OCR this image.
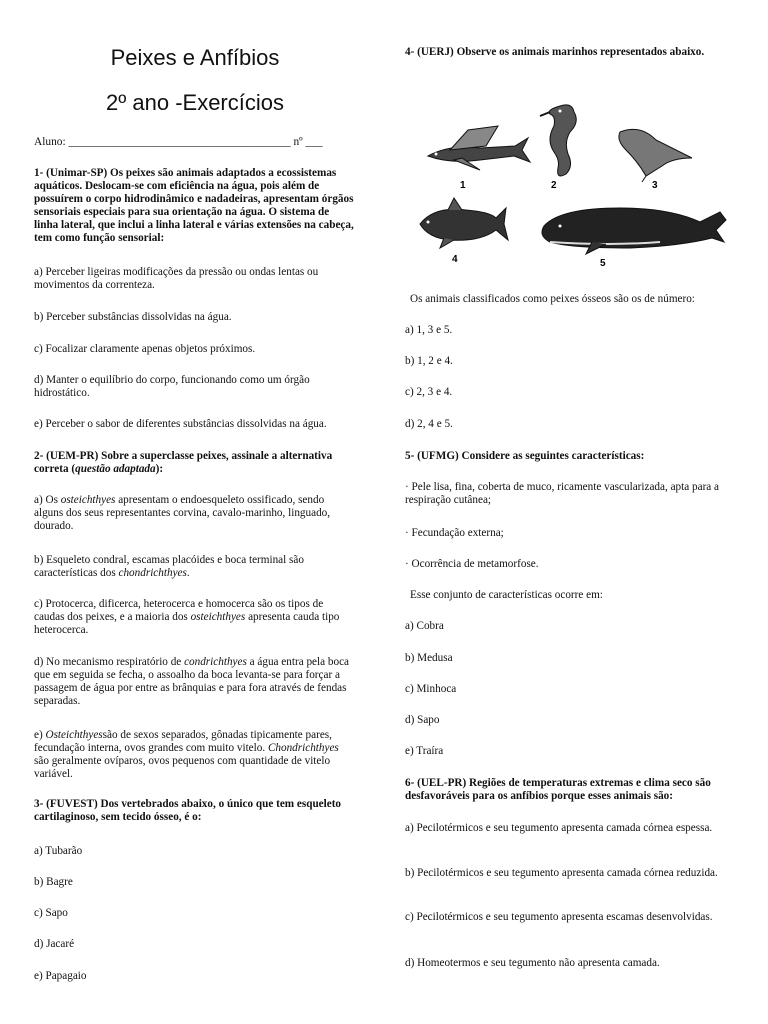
Peixes e Anfíbios
2º ano -Exercícios
Aluno: _______________________________________ nº ___

1- (Unimar-SP) Os peixes são animais adaptados a ecossistemas aquáticos. Deslocam-se com eficiência na água, pois além de possuírem o corpo hidrodinâmico e nadadeiras, apresentam órgãos sensoriais especiais para sua orientação na água. O sistema de linha lateral, que inclui a linha lateral e várias extensões na cabeça, tem como função sensorial:

a) Perceber ligeiras modificações da pressão ou ondas lentas ou movimentos da correnteza.

b) Perceber substâncias dissolvidas na água.

c) Focalizar claramente apenas objetos próximos.

d) Manter o equilíbrio do corpo, funcionando como um órgão hidrostático.

e) Perceber o sabor de diferentes substâncias dissolvidas na água.

2- (UEM-PR) Sobre a superclasse peixes, assinale a alternativa correta (questão adaptada):

a) Os osteichthyes apresentam o endoesqueleto ossificado, sendo alguns dos seus representantes corvina, cavalo-marinho, linguado, dourado.

b) Esqueleto condral, escamas placóides e boca terminal são características dos chondrichthyes.

c) Protocerca, dificerca, heterocerca e homocerca são os tipos de caudas dos peixes, e a maioria dos osteichthyes apresenta cauda tipo heterocerca.

d) No mecanismo respiratório de condrichthyes a água entra pela boca que em seguida se fecha, o assoalho da boca levanta-se para forçar a passagem de água por entre as brânquias e para fora através de fendas separadas.

e) Osteichthyessão de sexos separados, gônadas tipicamente pares, fecundação interna, ovos grandes com muito vitelo. Chondrichthyes são geralmente ovíparos, ovos pequenos com quantidade de vitelo variável.

3- (FUVEST) Dos vertebrados abaixo, o único que tem esqueleto cartilaginoso, sem tecido ósseo, é o:

a) Tubarão

b) Bagre

c) Sapo

d) Jacaré

e) Papagaio

4- (UERJ) Observe os animais marinhos representados abaixo.

1	2	3
4	5

Os animais classificados como peixes ósseos são os de número:

a) 1, 3 e 5.

b) 1, 2 e 4.

c) 2, 3 e 4.

d) 2, 4 e 5.

5- (UFMG) Considere as seguintes características:

· Pele lisa, fina, coberta de muco, ricamente vascularizada, apta para a respiração cutânea;

· Fecundação externa;

· Ocorrência de metamorfose.

Esse conjunto de características ocorre em:

a) Cobra

b) Medusa

c) Minhoca

d) Sapo

e) Traíra

6- (UEL-PR) Regiões de temperaturas extremas e clima seco são desfavoráveis para os anfíbios porque esses animais são:

a) Pecilotérmicos e seu tegumento apresenta camada córnea espessa.

b) Pecilotérmicos e seu tegumento apresenta camada córnea reduzida.

c) Pecilotérmicos e seu tegumento apresenta escamas desenvolvidas.

d) Homeotermos e seu tegumento não apresenta camada.
